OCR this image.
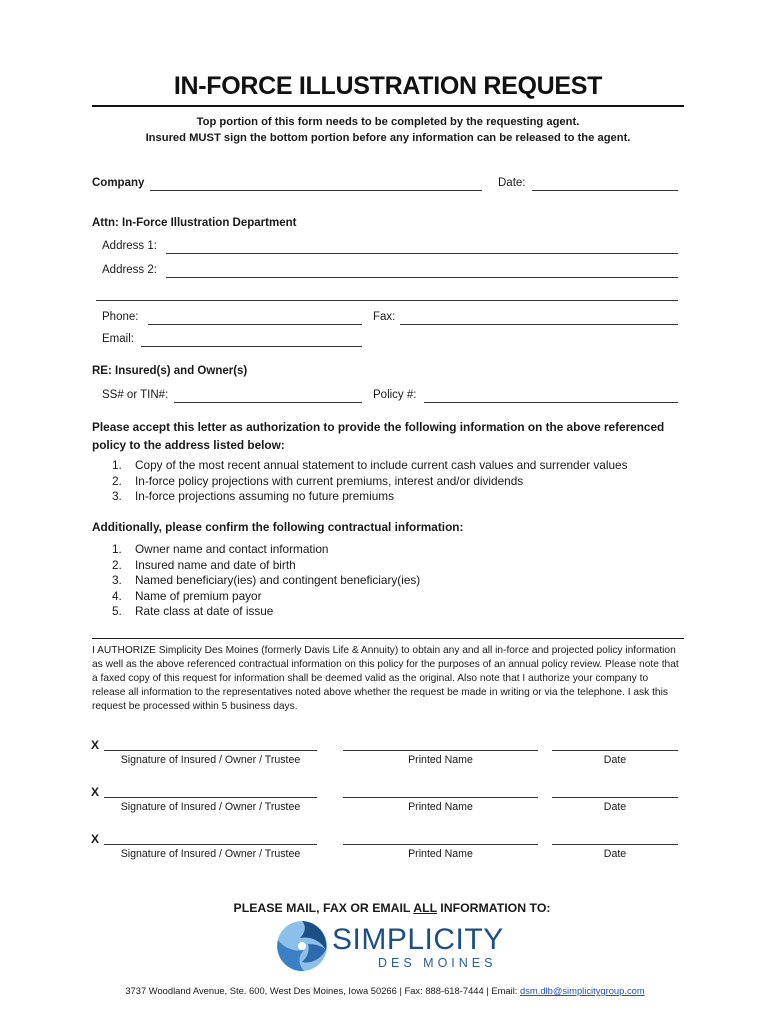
IN-FORCE ILLUSTRATION REQUEST
Top portion of this form needs to be completed by the requesting agent.
Insured MUST sign the bottom portion before any information can be released to the agent.
Company	Date:
Attn: In-Force Illustration Department
Address 1:
Address 2:
Phone:	Fax:
Email:
RE: Insured(s) and Owner(s)
SS# or TIN#:	Policy #:
Please accept this letter as authorization to provide the following information on the above referenced policy to the address listed below:
1.	Copy of the most recent annual statement to include current cash values and surrender values
2.	In-force policy projections with current premiums, interest and/or dividends
3.	In-force projections assuming no future premiums
Additionally, please confirm the following contractual information:
1.	Owner name and contact information
2.	Insured name and date of birth
3.	Named beneficiary(ies) and contingent beneficiary(ies)
4.	Name of premium payor
5.	Rate class at date of issue
I AUTHORIZE Simplicity Des Moines (formerly Davis Life & Annuity) to obtain any and all in-force and projected policy information as well as the above referenced contractual information on this policy for the purposes of an annual policy review. Please note that a faxed copy of this request for information shall be deemed valid as the original. Also note that I authorize your company to release all information to the representatives noted above whether the request be made in writing or via the telephone. I ask this request be processed within 5 business days.
X
Signature of Insured / Owner / Trustee	Printed Name	Date
X
Signature of Insured / Owner / Trustee	Printed Name	Date
X
Signature of Insured / Owner / Trustee	Printed Name	Date
PLEASE MAIL, FAX OR EMAIL ALL INFORMATION TO:
SIMPLICITY
DES MOINES
3737 Woodland Avenue, Ste. 600, West Des Moines, Iowa 50266 | Fax: 888-618-7444 | Email: dsm.dlb@simplicitygroup.com
